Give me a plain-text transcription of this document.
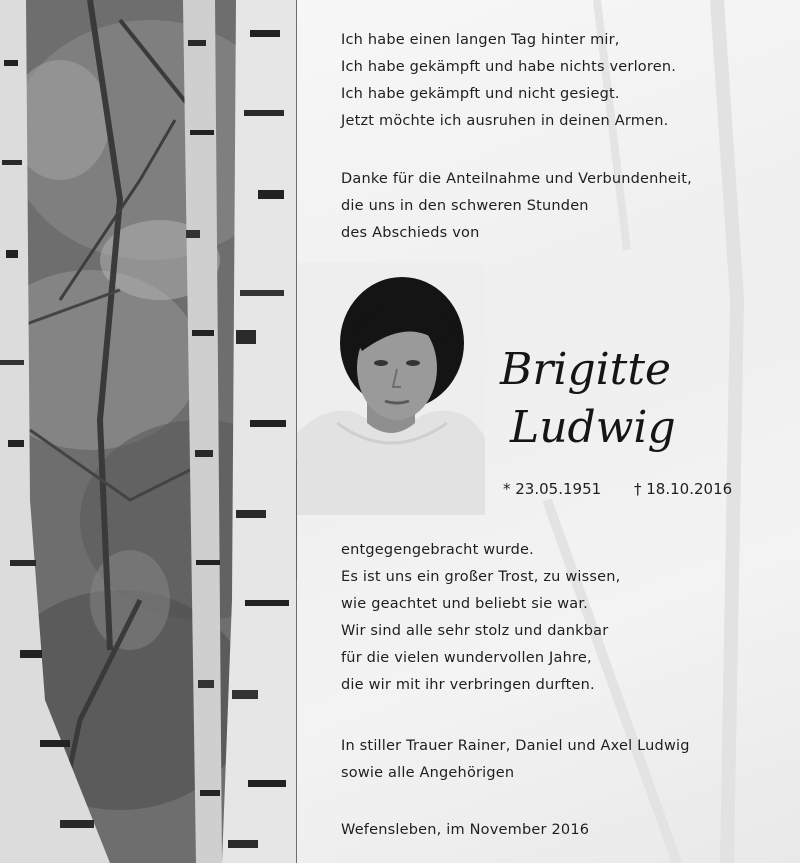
Ich habe einen langen Tag hinter mir,
Ich habe gekämpft und habe nichts verloren.
Ich habe gekämpft und nicht gesiegt.
Jetzt möchte ich ausruhen in deinen Armen.
Danke für die Anteilnahme und Verbundenheit,
die uns in den schweren Stunden
des Abschieds von
Brigitte
Ludwig
* 23.05.1951 † 18.10.2016
entgegengebracht wurde.
Es ist uns ein großer Trost, zu wissen,
wie geachtet und beliebt sie war.
Wir sind alle sehr stolz und dankbar
für die vielen wundervollen Jahre,
die wir mit ihr verbringen durften.
In stiller Trauer Rainer, Daniel und Axel Ludwig
sowie alle Angehörigen
Wefensleben, im November 2016
